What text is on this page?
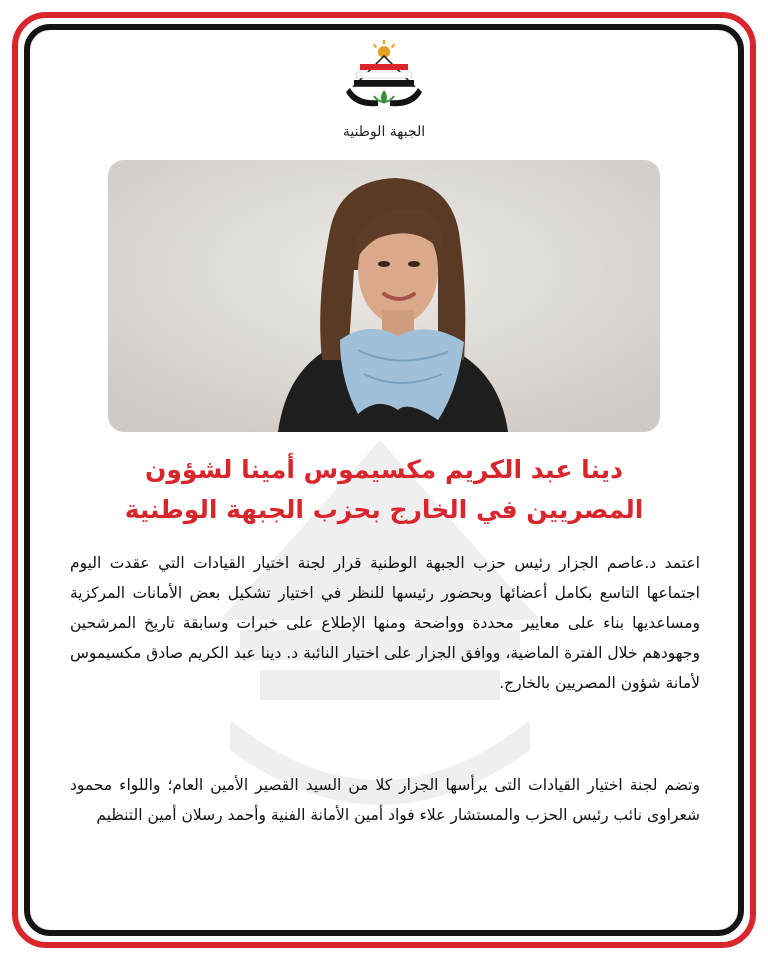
الجبهة الوطنية
دينا عبد الكريم مكسيموس أمينا لشؤون
المصريين في الخارج بحزب الجبهة الوطنية

اعتمد د.عاصم الجزار رئيس حزب الجبهة الوطنية قرار لجنة اختيار القيادات التي عقدت اليوم اجتماعها التاسع بكامل أعضائها وبحضور رئيسها للنظر في اختيار تشكيل بعض الأمانات المركزية ومساعديها بناء على معايير محددة وواضحة ومنها الإطلاع على خبرات وسابقة تاريخ المرشحين وجهودهم خلال الفترة الماضية، ووافق الجزار على اختيار النائبة د. دينا عبد الكريم صادق مكسيموس لأمانة شؤون المصريين بالخارج.

وتضم لجنة اختيار القيادات التى يرأسها الجزار كلا من السيد القصير الأمين العام؛ واللواء محمود شعراوى نائب رئيس الحزب والمستشار علاء فواد أمين الأمانة الفنية وأحمد رسلان أمين التنظيم
